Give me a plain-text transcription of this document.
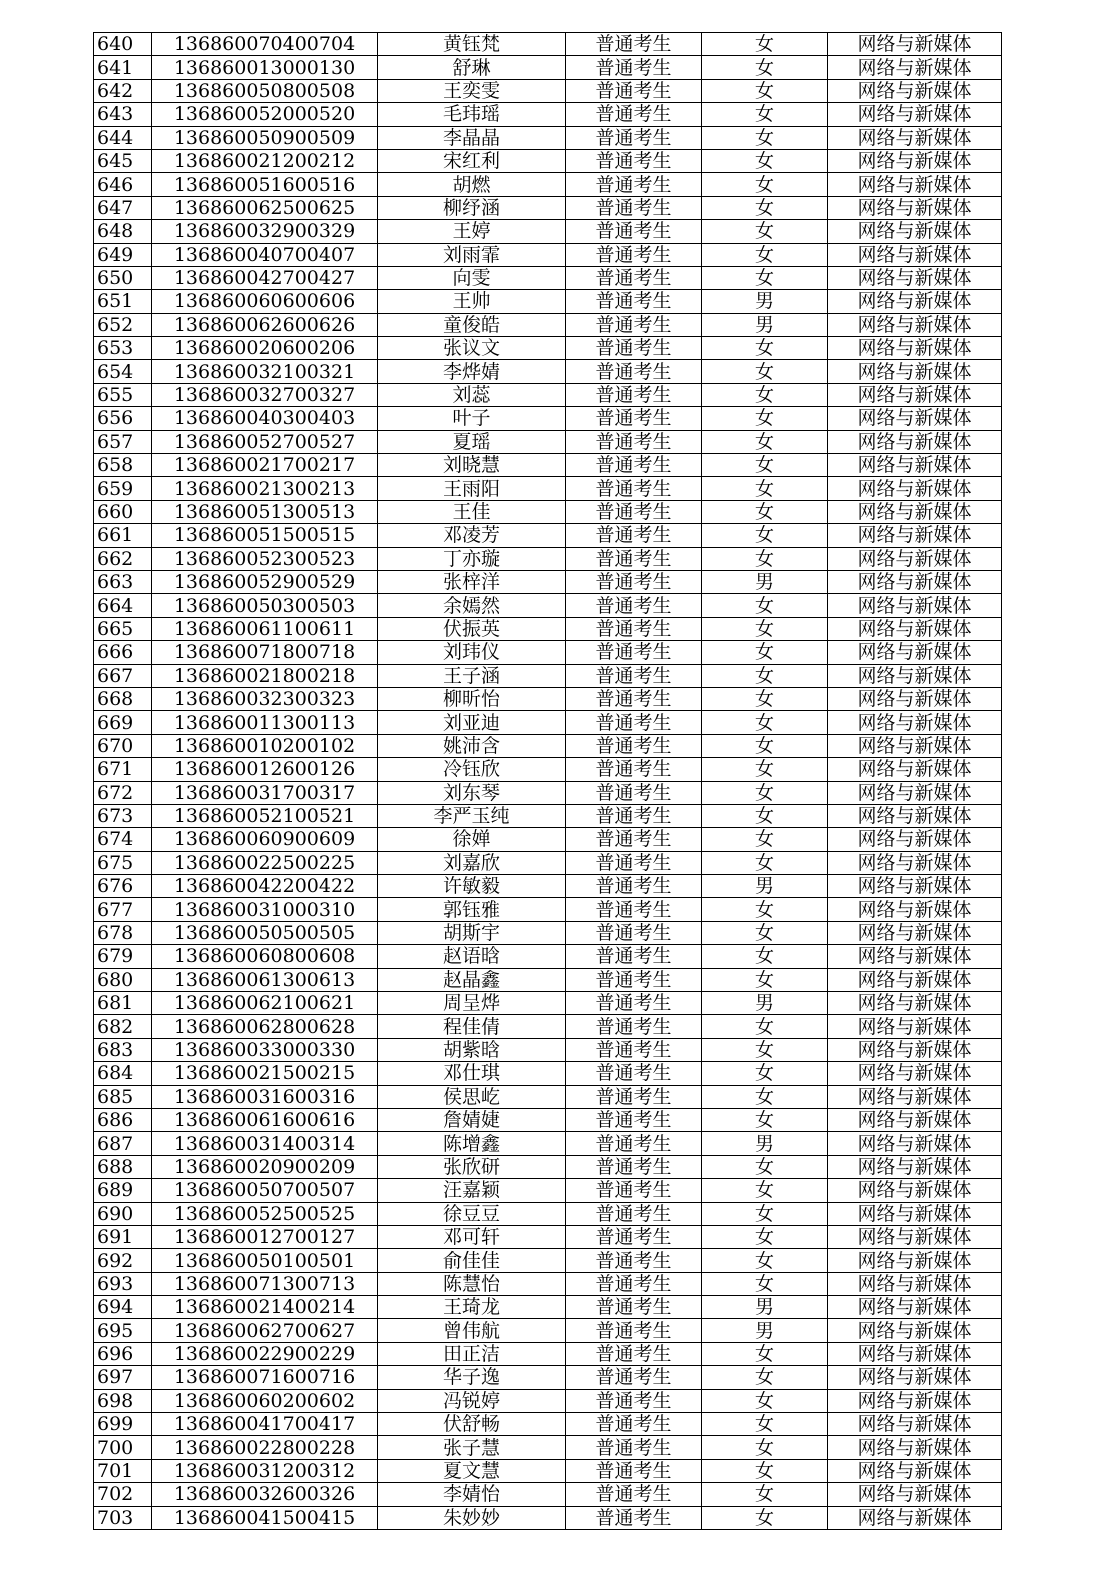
640	136860070400704	黄钰梵	普通考生	女	网络与新媒体
641	136860013000130	舒琳	普通考生	女	网络与新媒体
642	136860050800508	王奕雯	普通考生	女	网络与新媒体
643	136860052000520	毛玮瑶	普通考生	女	网络与新媒体
644	136860050900509	李晶晶	普通考生	女	网络与新媒体
645	136860021200212	宋红利	普通考生	女	网络与新媒体
646	136860051600516	胡燃	普通考生	女	网络与新媒体
647	136860062500625	柳纾涵	普通考生	女	网络与新媒体
648	136860032900329	王婷	普通考生	女	网络与新媒体
649	136860040700407	刘雨霏	普通考生	女	网络与新媒体
650	136860042700427	向雯	普通考生	女	网络与新媒体
651	136860060600606	王帅	普通考生	男	网络与新媒体
652	136860062600626	童俊皓	普通考生	男	网络与新媒体
653	136860020600206	张议文	普通考生	女	网络与新媒体
654	136860032100321	李烨婧	普通考生	女	网络与新媒体
655	136860032700327	刘蕊	普通考生	女	网络与新媒体
656	136860040300403	叶子	普通考生	女	网络与新媒体
657	136860052700527	夏瑶	普通考生	女	网络与新媒体
658	136860021700217	刘晓慧	普通考生	女	网络与新媒体
659	136860021300213	王雨阳	普通考生	女	网络与新媒体
660	136860051300513	王佳	普通考生	女	网络与新媒体
661	136860051500515	邓凌芳	普通考生	女	网络与新媒体
662	136860052300523	丁亦璇	普通考生	女	网络与新媒体
663	136860052900529	张梓洋	普通考生	男	网络与新媒体
664	136860050300503	余嫣然	普通考生	女	网络与新媒体
665	136860061100611	伏振英	普通考生	女	网络与新媒体
666	136860071800718	刘玮仪	普通考生	女	网络与新媒体
667	136860021800218	王子涵	普通考生	女	网络与新媒体
668	136860032300323	柳昕怡	普通考生	女	网络与新媒体
669	136860011300113	刘亚迪	普通考生	女	网络与新媒体
670	136860010200102	姚沛含	普通考生	女	网络与新媒体
671	136860012600126	冷钰欣	普通考生	女	网络与新媒体
672	136860031700317	刘东琴	普通考生	女	网络与新媒体
673	136860052100521	李严玉纯	普通考生	女	网络与新媒体
674	136860060900609	徐婵	普通考生	女	网络与新媒体
675	136860022500225	刘嘉欣	普通考生	女	网络与新媒体
676	136860042200422	许敏毅	普通考生	男	网络与新媒体
677	136860031000310	郭钰雅	普通考生	女	网络与新媒体
678	136860050500505	胡斯宇	普通考生	女	网络与新媒体
679	136860060800608	赵语晗	普通考生	女	网络与新媒体
680	136860061300613	赵晶鑫	普通考生	女	网络与新媒体
681	136860062100621	周呈烨	普通考生	男	网络与新媒体
682	136860062800628	程佳倩	普通考生	女	网络与新媒体
683	136860033000330	胡紫晗	普通考生	女	网络与新媒体
684	136860021500215	邓仕琪	普通考生	女	网络与新媒体
685	136860031600316	侯思屹	普通考生	女	网络与新媒体
686	136860061600616	詹婧婕	普通考生	女	网络与新媒体
687	136860031400314	陈增鑫	普通考生	男	网络与新媒体
688	136860020900209	张欣研	普通考生	女	网络与新媒体
689	136860050700507	汪嘉颖	普通考生	女	网络与新媒体
690	136860052500525	徐豆豆	普通考生	女	网络与新媒体
691	136860012700127	邓可轩	普通考生	女	网络与新媒体
692	136860050100501	俞佳佳	普通考生	女	网络与新媒体
693	136860071300713	陈慧怡	普通考生	女	网络与新媒体
694	136860021400214	王琦龙	普通考生	男	网络与新媒体
695	136860062700627	曾伟航	普通考生	男	网络与新媒体
696	136860022900229	田正洁	普通考生	女	网络与新媒体
697	136860071600716	华子逸	普通考生	女	网络与新媒体
698	136860060200602	冯锐婷	普通考生	女	网络与新媒体
699	136860041700417	伏舒畅	普通考生	女	网络与新媒体
700	136860022800228	张子慧	普通考生	女	网络与新媒体
701	136860031200312	夏文慧	普通考生	女	网络与新媒体
702	136860032600326	李婧怡	普通考生	女	网络与新媒体
703	136860041500415	朱妙妙	普通考生	女	网络与新媒体
